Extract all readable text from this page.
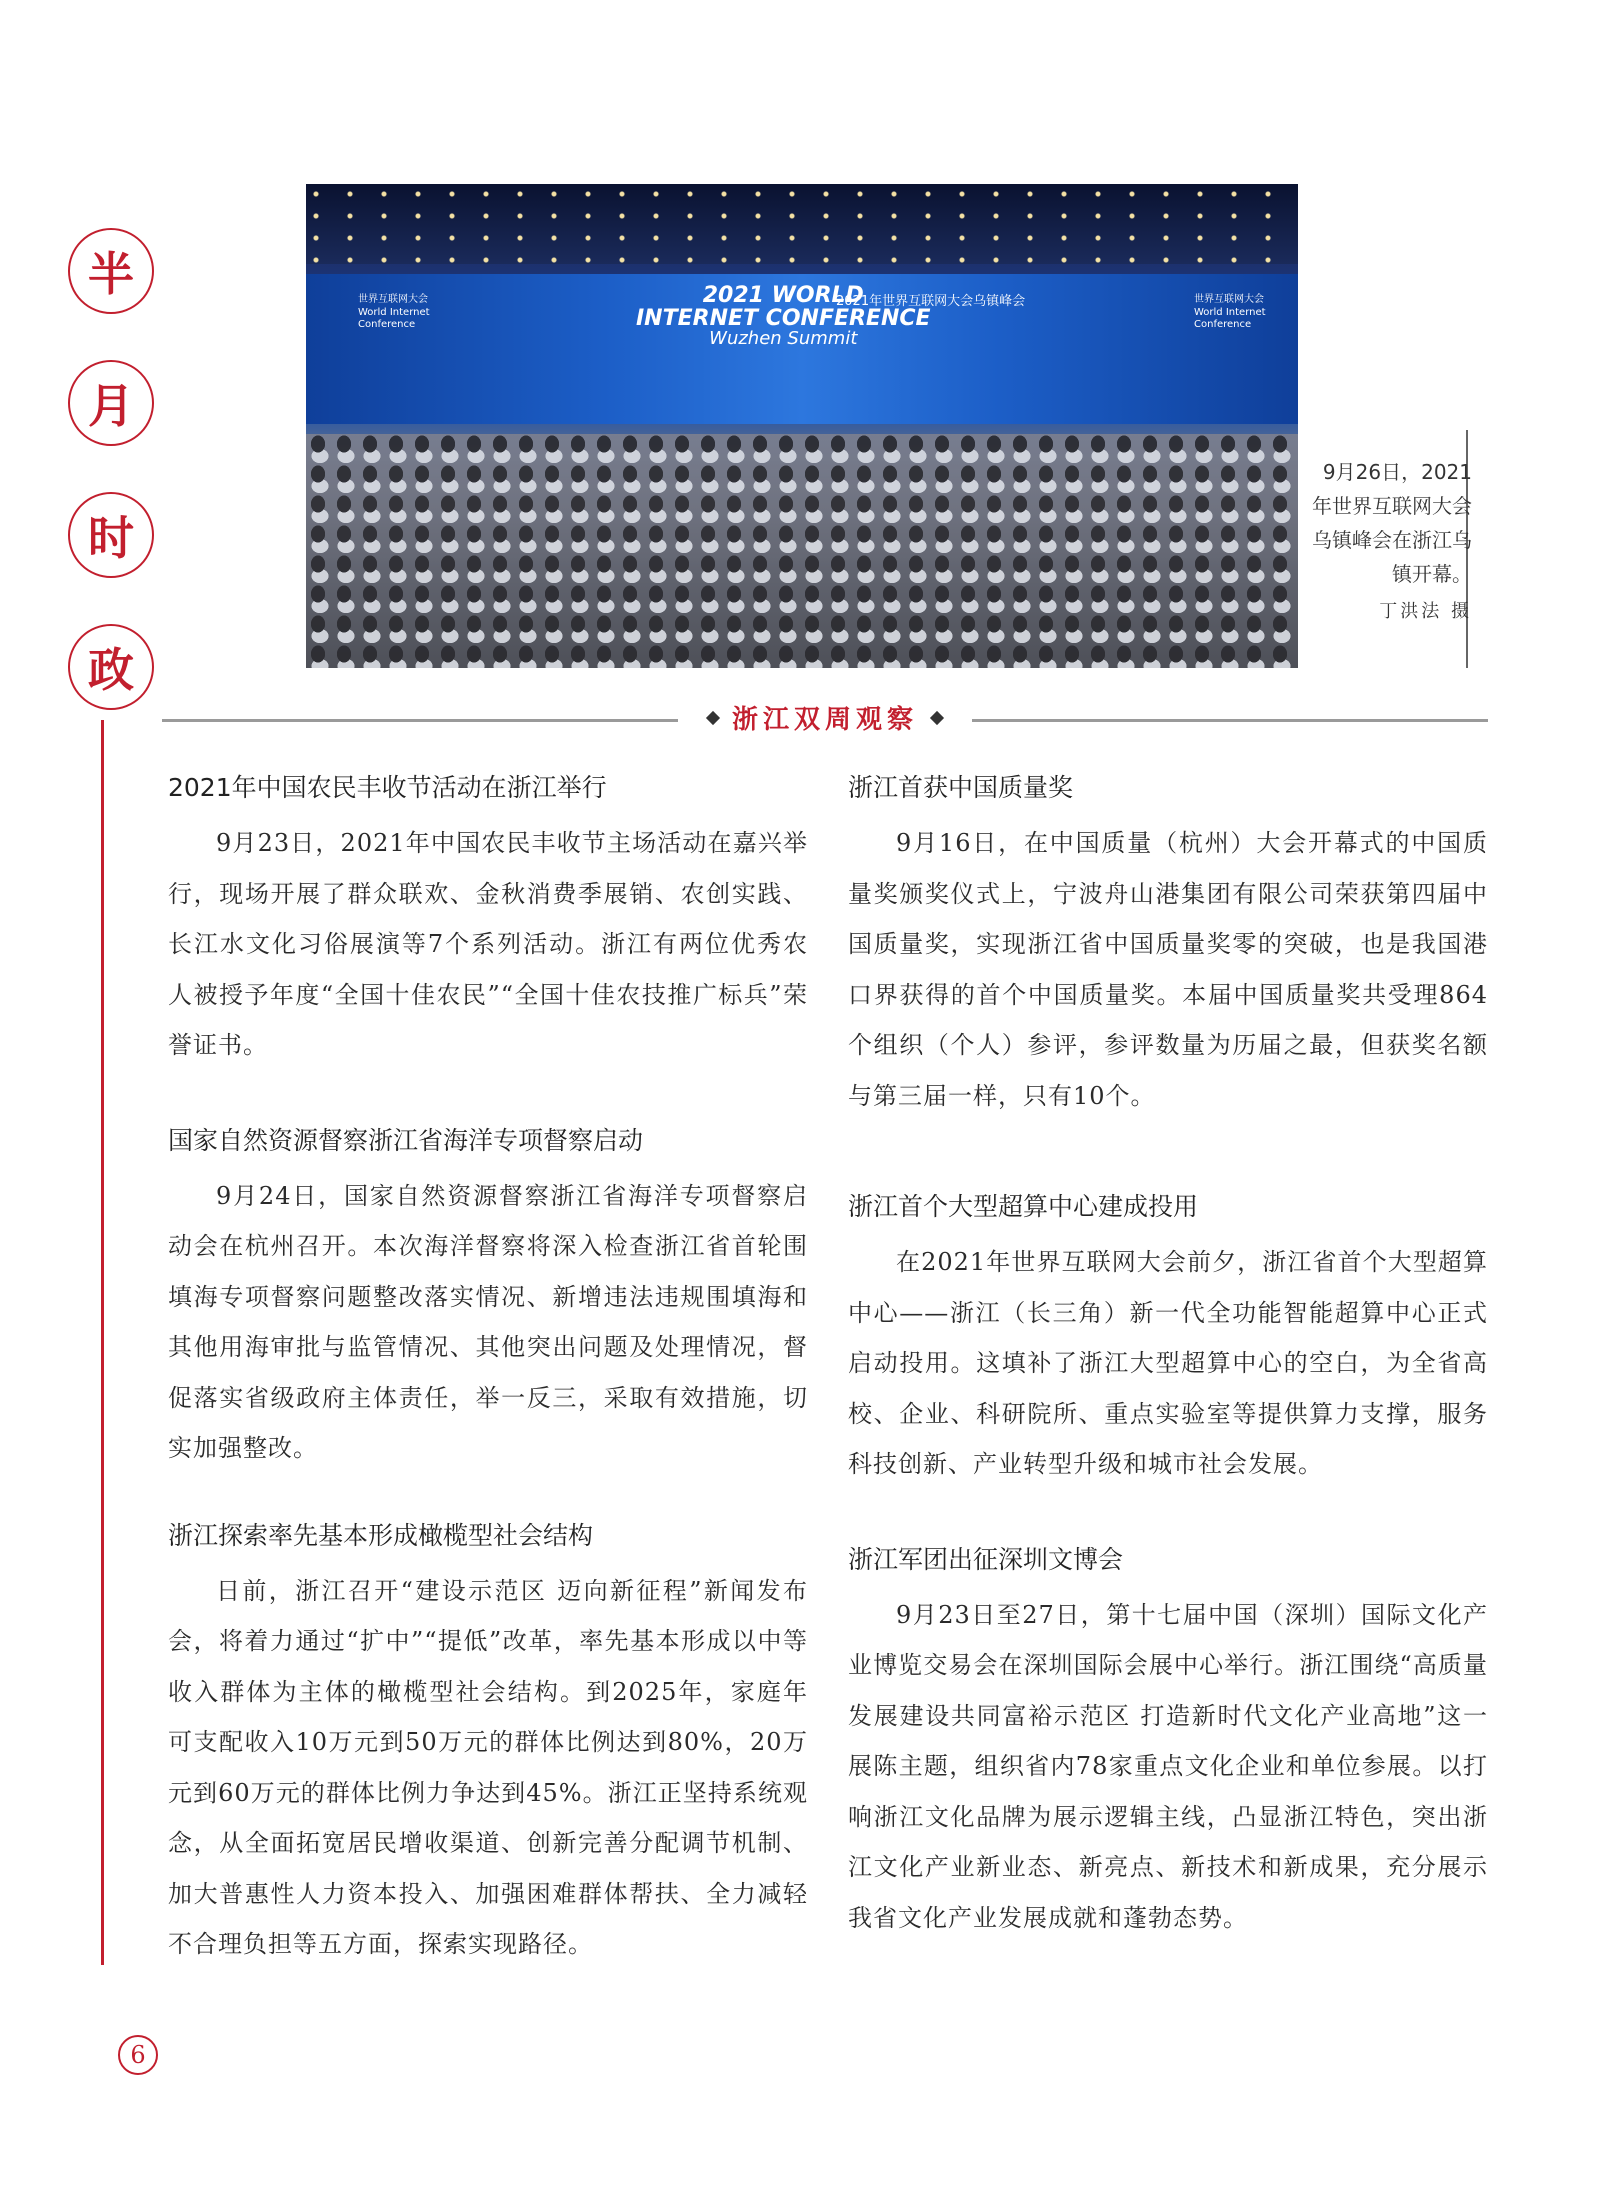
半
月
时
政
世界互联网大会
World Internet
Conference
2021 WORLD
INTERNET CONFERENCE
Wuzhen Summit
2021年世界互联网大会乌镇峰会	世界互联网大会
World Internet
Conference
9月26日，2021年世界互联网大会乌镇峰会在浙江乌镇开幕。
丁洪法 摄
浙江双周观察
2021年中国农民丰收节活动在浙江举行

9月23日，2021年中国农民丰收节主场活动在嘉兴举行，现场开展了群众联欢、金秋消费季展销、农创实践、长江水文化习俗展演等7个系列活动。浙江有两位优秀农人被授予年度“全国十佳农民”“全国十佳农技推广标兵”荣誉证书。

国家自然资源督察浙江省海洋专项督察启动

9月24日，国家自然资源督察浙江省海洋专项督察启动会在杭州召开。本次海洋督察将深入检查浙江省首轮围填海专项督察问题整改落实情况、新增违法违规围填海和其他用海审批与监管情况、其他突出问题及处理情况，督促落实省级政府主体责任，举一反三，采取有效措施，切实加强整改。

浙江探索率先基本形成橄榄型社会结构

日前，浙江召开“建设示范区 迈向新征程”新闻发布会，将着力通过“扩中”“提低”改革，率先基本形成以中等收入群体为主体的橄榄型社会结构。到2025年，家庭年可支配收入10万元到50万元的群体比例达到80%，20万元到60万元的群体比例力争达到45%。浙江正坚持系统观念，从全面拓宽居民增收渠道、创新完善分配调节机制、加大普惠性人力资本投入、加强困难群体帮扶、全力减轻不合理负担等五方面，探索实现路径。

浙江首获中国质量奖

9月16日，在中国质量（杭州）大会开幕式的中国质量奖颁奖仪式上，宁波舟山港集团有限公司荣获第四届中国质量奖，实现浙江省中国质量奖零的突破，也是我国港口界获得的首个中国质量奖。本届中国质量奖共受理864个组织（个人）参评，参评数量为历届之最，但获奖名额与第三届一样，只有10个。

浙江首个大型超算中心建成投用

在2021年世界互联网大会前夕，浙江省首个大型超算中心——浙江（长三角）新一代全功能智能超算中心正式启动投用。这填补了浙江大型超算中心的空白，为全省高校、企业、科研院所、重点实验室等提供算力支撑，服务科技创新、产业转型升级和城市社会发展。

浙江军团出征深圳文博会

9月23日至27日，第十七届中国（深圳）国际文化产业博览交易会在深圳国际会展中心举行。浙江围绕“高质量发展建设共同富裕示范区 打造新时代文化产业高地”这一展陈主题，组织省内78家重点文化企业和单位参展。以打响浙江文化品牌为展示逻辑主线，凸显浙江特色，突出浙江文化产业新业态、新亮点、新技术和新成果，充分展示我省文化产业发展成就和蓬勃态势。

6
